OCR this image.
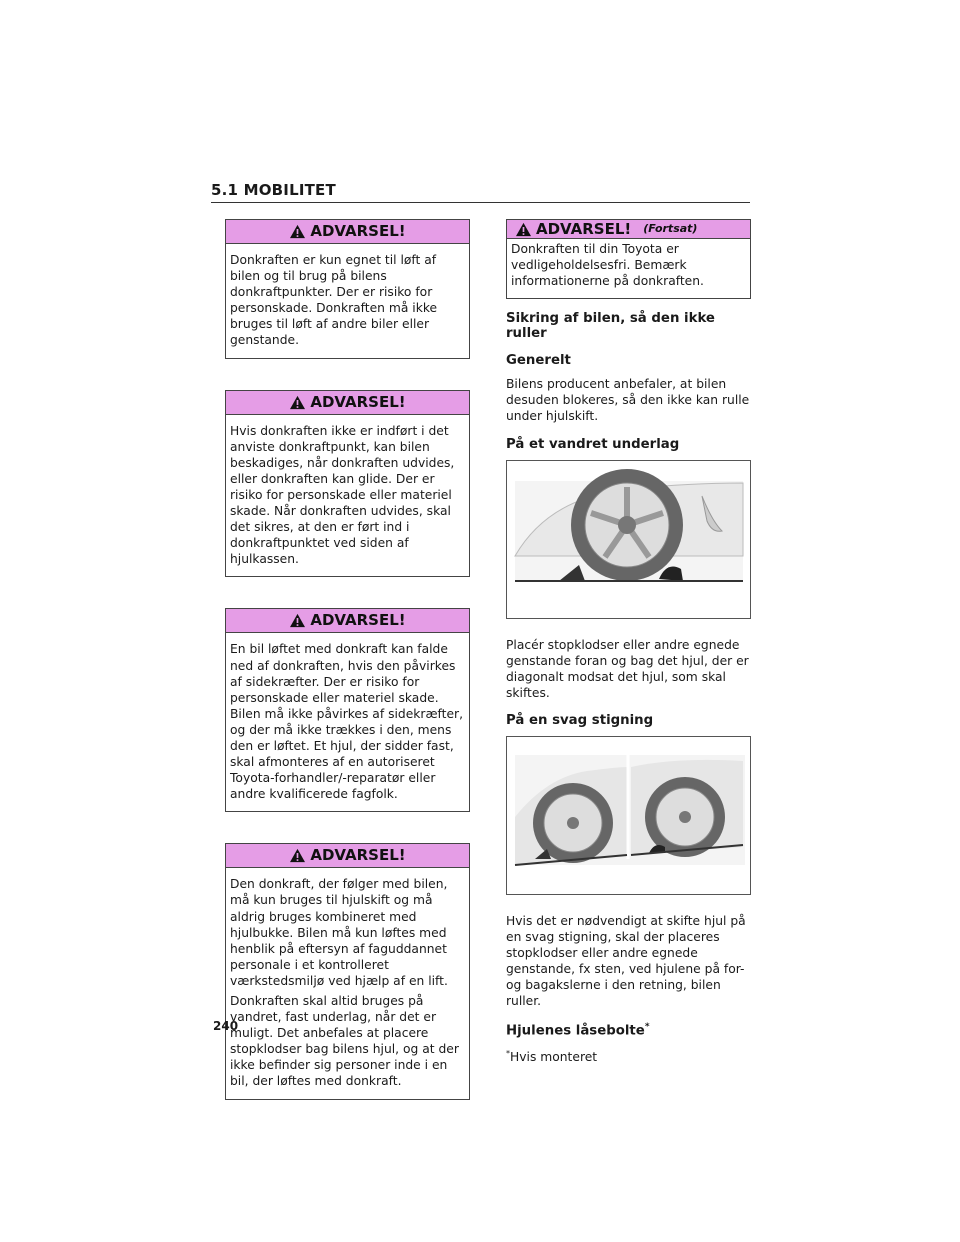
5.1 MOBILITET
ADVARSEL!

Donkraften er kun egnet til løft af bilen og til brug på bilens donkraftpunkter. Der er risiko for personskade. Donkraften må ikke bruges til løft af andre biler eller genstande.

ADVARSEL!

Hvis donkraften ikke er indført i det anviste donkraftpunkt, kan bilen beskadiges, når donkraften udvides, eller donkraften kan glide. Der er risiko for personskade eller materiel skade. Når donkraften udvides, skal det sikres, at den er ført ind i donkraftpunktet ved siden af hjulkassen.

ADVARSEL!

En bil løftet med donkraft kan falde ned af donkraften, hvis den påvirkes af sidekræfter. Der er risiko for personskade eller materiel skade. Bilen må ikke påvirkes af sidekræfter, og der må ikke trækkes i den, mens den er løftet. Et hjul, der sidder fast, skal afmonteres af en autoriseret Toyota-forhandler/-reparatør eller andre kvalificerede fagfolk.

ADVARSEL!

Den donkraft, der følger med bilen, må kun bruges til hjulskift og må aldrig bruges kombineret med hjulbukke. Bilen må kun løftes med henblik på eftersyn af faguddannet personale i et kontrolleret værkstedsmiljø ved hjælp af en lift.

Donkraften skal altid bruges på vandret, fast underlag, når det er muligt. Det anbefales at placere stopklodser bag bilens hjul, og at der ikke befinder sig personer inde i en bil, der løftes med donkraft.

ADVARSEL! (Fortsat)

Donkraften til din Toyota er vedligeholdelsesfri. Bemærk informationerne på donkraften.

Sikring af bilen, så den ikke ruller
Generelt

Bilens producent anbefaler, at bilen desuden blokeres, så den ikke kan rulle under hjulskift.

På et vandret underlag

Placér stopklodser eller andre egnede genstande foran og bag det hjul, der er diagonalt modsat det hjul, som skal skiftes.

På en svag stigning

Hvis det er nødvendigt at skifte hjul på en svag stigning, skal der placeres stopklodser eller andre egnede genstande, fx sten, ved hjulene på for- og bagakslerne i den retning, bilen ruller.

Hjulenes låsebolte*

*Hvis monteret

240
